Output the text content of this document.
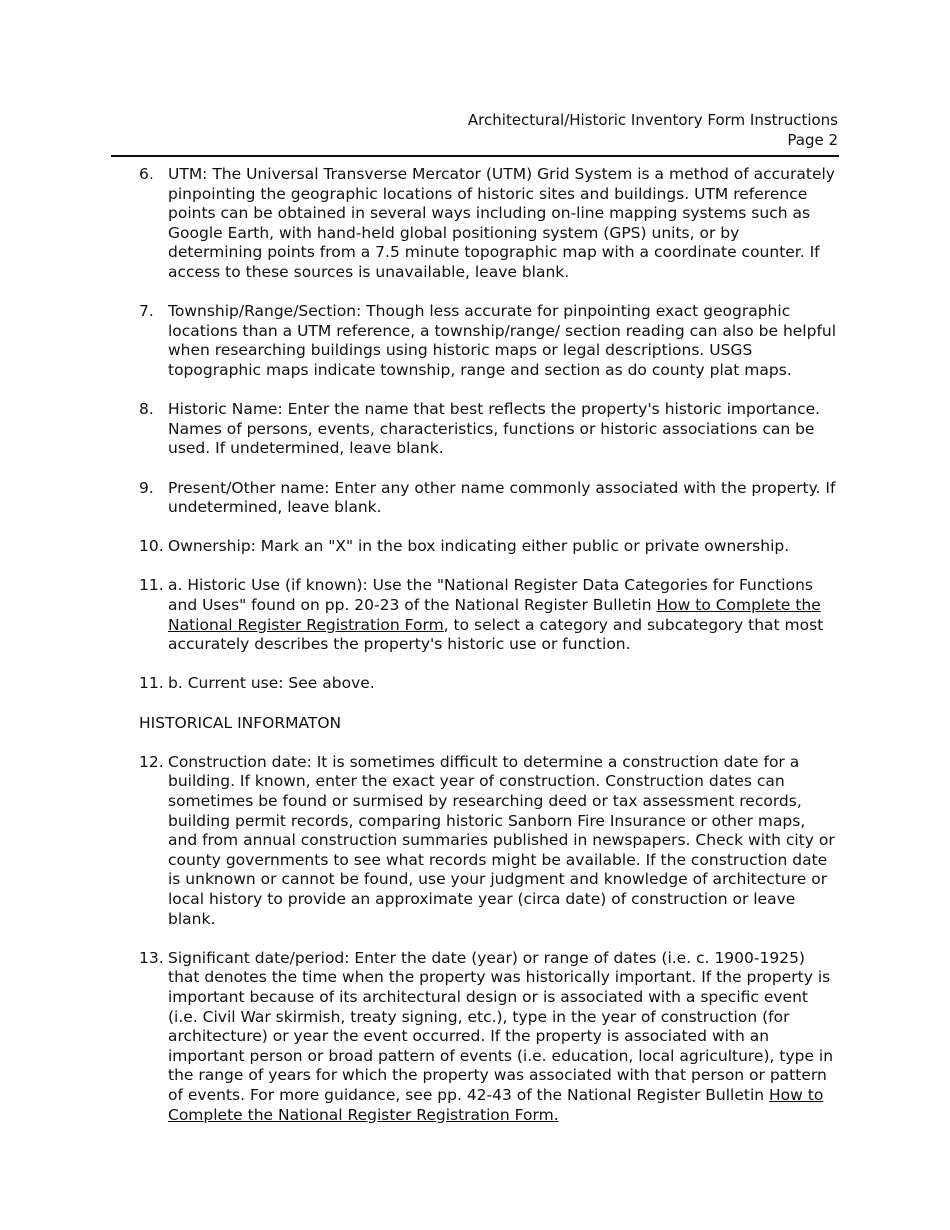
Architectural/Historic Inventory Form Instructions
Page 2
6. UTM: The Universal Transverse Mercator (UTM) Grid System is a method of accurately pinpointing the geographic locations of historic sites and buildings. UTM reference points can be obtained in several ways including on-line mapping systems such as Google Earth, with hand-held global positioning system (GPS) units, or by determining points from a 7.5 minute topographic map with a coordinate counter. If access to these sources is unavailable, leave blank.
7. Township/Range/Section: Though less accurate for pinpointing exact geographic locations than a UTM reference, a township/range/ section reading can also be helpful when researching buildings using historic maps or legal descriptions. USGS topographic maps indicate township, range and section as do county plat maps.
8. Historic Name: Enter the name that best reflects the property's historic importance. Names of persons, events, characteristics, functions or historic associations can be used. If undetermined, leave blank.
9. Present/Other name: Enter any other name commonly associated with the property. If undetermined, leave blank.
10. Ownership: Mark an "X" in the box indicating either public or private ownership.
11. a. Historic Use (if known): Use the "National Register Data Categories for Functions and Uses" found on pp. 20-23 of the National Register Bulletin How to Complete the National Register Registration Form, to select a category and subcategory that most accurately describes the property's historic use or function.
11. b. Current use: See above.
HISTORICAL INFORMATON
12. Construction date: It is sometimes difficult to determine a construction date for a building. If known, enter the exact year of construction. Construction dates can sometimes be found or surmised by researching deed or tax assessment records, building permit records, comparing historic Sanborn Fire Insurance or other maps, and from annual construction summaries published in newspapers. Check with city or county governments to see what records might be available. If the construction date is unknown or cannot be found, use your judgment and knowledge of architecture or local history to provide an approximate year (circa date) of construction or leave blank.
13. Significant date/period: Enter the date (year) or range of dates (i.e. c. 1900-1925) that denotes the time when the property was historically important. If the property is important because of its architectural design or is associated with a specific event (i.e. Civil War skirmish, treaty signing, etc.), type in the year of construction (for architecture) or year the event occurred. If the property is associated with an important person or broad pattern of events (i.e. education, local agriculture), type in the range of years for which the property was associated with that person or pattern of events. For more guidance, see pp. 42-43 of the National Register Bulletin How to Complete the National Register Registration Form.
